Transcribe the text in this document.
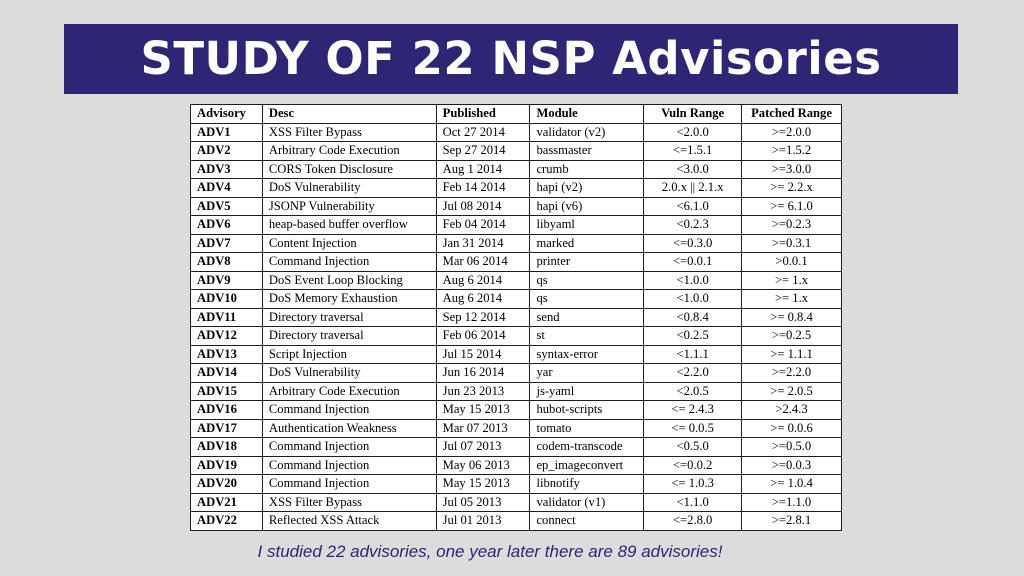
STUDY OF 22 NSP Advisories
Advisory	Desc	Published	Module	Vuln Range	Patched Range
ADV1	XSS Filter Bypass	Oct 27 2014	validator (v2)	<2.0.0	>=2.0.0
ADV2	Arbitrary Code Execution	Sep 27 2014	bassmaster	<=1.5.1	>=1.5.2
ADV3	CORS Token Disclosure	Aug 1 2014	crumb	<3.0.0	>=3.0.0
ADV4	DoS Vulnerability	Feb 14 2014	hapi (v2)	2.0.x || 2.1.x	>= 2.2.x
ADV5	JSONP Vulnerability	Jul 08 2014	hapi (v6)	<6.1.0	>= 6.1.0
ADV6	heap-based buffer overflow	Feb 04 2014	libyaml	<0.2.3	>=0.2.3
ADV7	Content Injection	Jan 31 2014	marked	<=0.3.0	>=0.3.1
ADV8	Command Injection	Mar 06 2014	printer	<=0.0.1	>0.0.1
ADV9	DoS Event Loop Blocking	Aug 6 2014	qs	<1.0.0	>= 1.x
ADV10	DoS Memory Exhaustion	Aug 6 2014	qs	<1.0.0	>= 1.x
ADV11	Directory traversal	Sep 12 2014	send	<0.8.4	>= 0.8.4
ADV12	Directory traversal	Feb 06 2014	st	<0.2.5	>=0.2.5
ADV13	Script Injection	Jul 15 2014	syntax-error	<1.1.1	>= 1.1.1
ADV14	DoS Vulnerability	Jun 16 2014	yar	<2.2.0	>=2.2.0
ADV15	Arbitrary Code Execution	Jun 23 2013	js-yaml	<2.0.5	>= 2.0.5
ADV16	Command Injection	May 15 2013	hubot-scripts	<= 2.4.3	>2.4.3
ADV17	Authentication Weakness	Mar 07 2013	tomato	<= 0.0.5	>= 0.0.6
ADV18	Command Injection	Jul 07 2013	codem-transcode	<0.5.0	>=0.5.0
ADV19	Command Injection	May 06 2013	ep_imageconvert	<=0.0.2	>=0.0.3
ADV20	Command Injection	May 15 2013	libnotify	<= 1.0.3	>= 1.0.4
ADV21	XSS Filter Bypass	Jul 05 2013	validator (v1)	<1.1.0	>=1.1.0
ADV22	Reflected XSS Attack	Jul 01 2013	connect	<=2.8.0	>=2.8.1
I studied 22 advisories, one year later there are 89 advisories!
